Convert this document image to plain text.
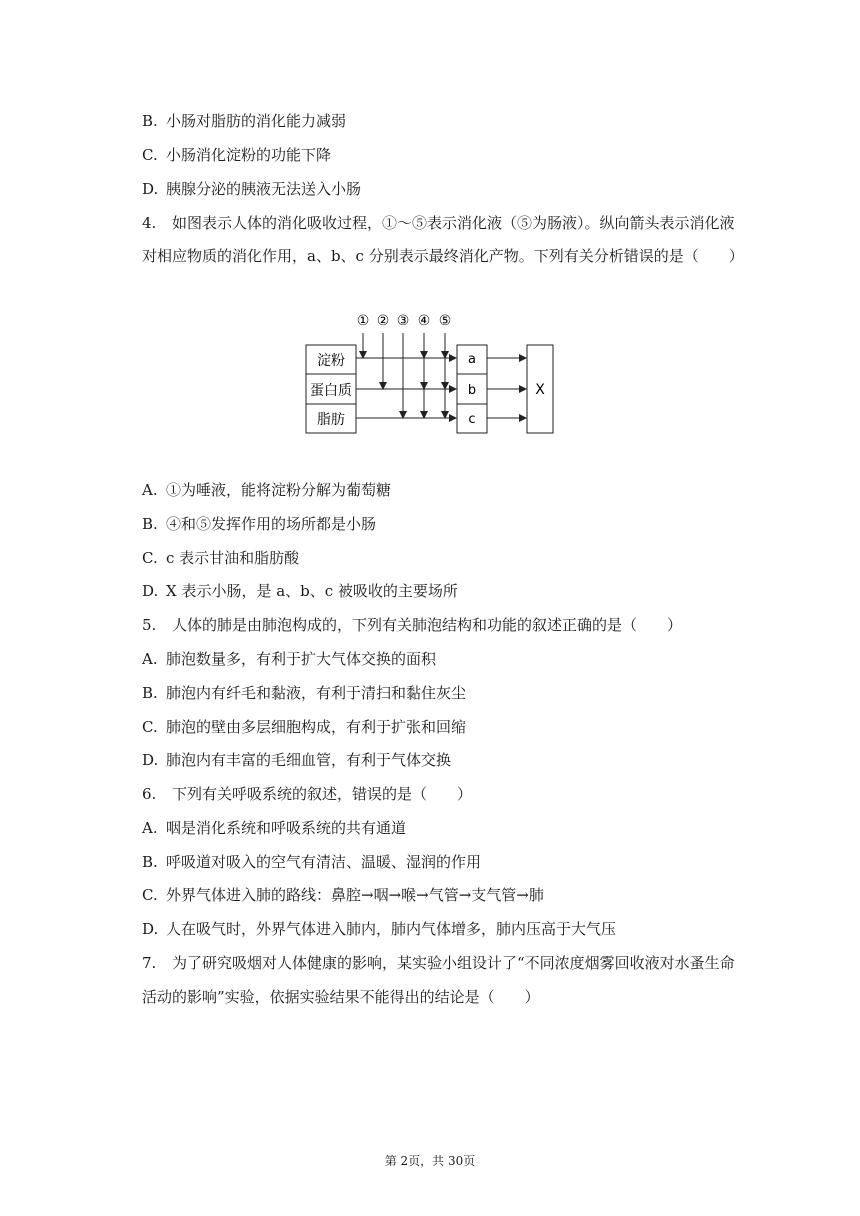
B. 小肠对脂肪的消化能力减弱
C. 小肠消化淀粉的功能下降
D. 胰腺分泌的胰液无法送入小肠
4. 如图表示人体的消化吸收过程，①～⑤表示消化液（⑤为肠液）。纵向箭头表示消化液
对相应物质的消化作用，a、b、c 分别表示最终消化产物。下列有关分析错误的是（　　）
① ② ③ ④ ⑤
淀粉
蛋白质
脂肪
a
b
c
X
A. ①为唾液，能将淀粉分解为葡萄糖
B. ④和⑤发挥作用的场所都是小肠
C. c 表示甘油和脂肪酸
D. X 表示小肠，是 a、b、c 被吸收的主要场所
5. 人体的肺是由肺泡构成的，下列有关肺泡结构和功能的叙述正确的是（　　）
A. 肺泡数量多，有利于扩大气体交换的面积
B. 肺泡内有纤毛和黏液，有利于清扫和黏住灰尘
C. 肺泡的壁由多层细胞构成，有利于扩张和回缩
D. 肺泡内有丰富的毛细血管，有利于气体交换
6. 下列有关呼吸系统的叙述，错误的是（　　）
A. 咽是消化系统和呼吸系统的共有通道
B. 呼吸道对吸入的空气有清洁、温暖、湿润的作用
C. 外界气体进入肺的路线：鼻腔→咽→喉→气管→支气管→肺
D. 人在吸气时，外界气体进入肺内，肺内气体增多，肺内压高于大气压
7. 为了研究吸烟对人体健康的影响，某实验小组设计了“不同浓度烟雾回收液对水蚤生命
活动的影响”实验，依据实验结果不能得出的结论是（　　）
第 2页，共 30页
